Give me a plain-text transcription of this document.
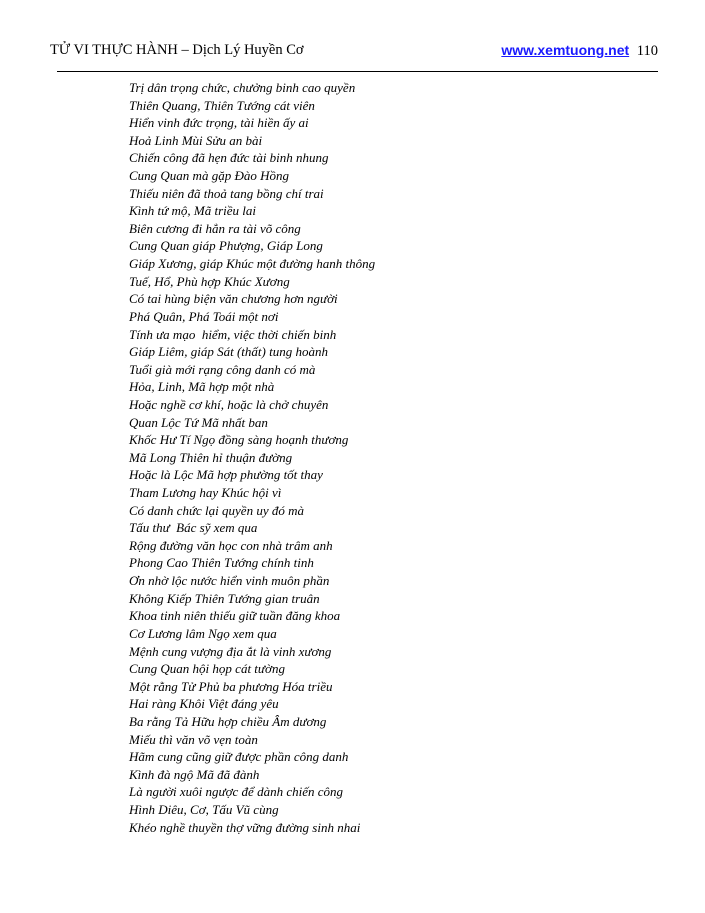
TỬ VI THỰC HÀNH – Dịch Lý Huyền Cơ	www.xemtuong.net 110
Trị dân trọng chức, chưởng binh cao quyền
Thiên Quang, Thiên Tướng cát viên
Hiển vinh đức trọng, tài hiền ấy ai
Hoả Linh Mùi Sửu an bài
Chiến công đã hẹn đức tài binh nhung
Cung Quan mà gặp Đào Hồng
Thiếu niên đã thoả tang bồng chí trai
Kình tứ mộ, Mã triều lai
Biên cương đi hẳn ra tài võ công
Cung Quan giáp Phượng, Giáp Long
Giáp Xương, giáp Khúc một đường hanh thông
Tuế, Hổ, Phù hợp Khúc Xương
Có tai hùng biện văn chương hơn người
Phá Quân, Phá Toái một nơi
Tính ưa mạo  hiểm, việc thời chiến binh
Giáp Liêm, giáp Sát (thất) tung hoành
Tuổi già mới rạng công danh có mà
Hỏa, Linh, Mã hợp một nhà
Hoặc nghề cơ khí, hoặc là chở chuyên
Quan Lộc Tứ Mã nhất ban
Khốc Hư Tí Ngọ đồng sàng hoạnh thương
Mã Long Thiên hỉ thuận đường
Hoặc là Lộc Mã hợp phường tốt thay
Tham Lương hay Khúc hội vì
Có danh chức lại quyền uy đó mà
Tấu thư  Bác sỹ xem qua
Rộng đường văn học con nhà trâm anh
Phong Cao Thiên Tướng chính tinh
Ơn nhờ lộc nước hiển vinh muôn phần
Không Kiếp Thiên Tướng gian truân
Khoa tinh niên thiếu giữ tuần đăng khoa
Cơ Lương lâm Ngọ xem qua
Mệnh cung vượng địa ắt là vinh xương
Cung Quan hội họp cát tường
Một rằng Tử Phủ ba phương Hóa triều
Hai ràng Khôi Việt đáng yêu
Ba rằng Tả Hữu hợp chiều Âm dương
Miếu thì văn võ vẹn toàn
Hãm cung cũng giữ được phần công danh
Kình đà ngộ Mã đã đành
Là người xuôi ngược để dành chiến công
Hình Diêu, Cơ, Tấu Vũ cùng
Khéo nghề thuyền thợ vững đường sinh nhai
